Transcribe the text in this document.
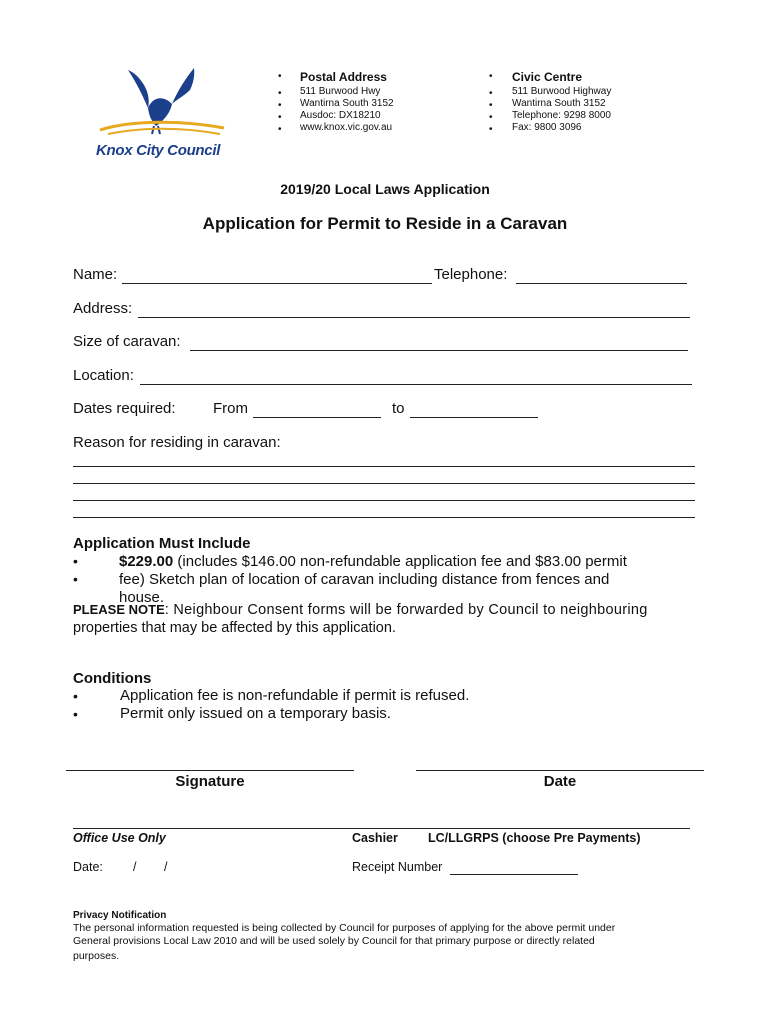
Knox City Council
•
•
•
•
•
Postal Address
511 Burwood Hwy
Wantirna South 3152
Ausdoc: DX18210
www.knox.vic.gov.au
•
•
•
•
•
Civic Centre
511 Burwood Highway
Wantirna South 3152
Telephone: 9298 8000
Fax: 9800 3096
2019/20 Local Laws Application
Application for Permit to Reside in a Caravan
Name:	Telephone:
Address:
Size of caravan:
Location:
Dates required: From	to
Reason for residing in caravan:
Application Must Include
•
•
$229.00 (includes $146.00 non-refundable application fee and $83.00 permit
fee) Sketch plan of location of caravan including distance from fences and
house.
PLEASE NOTE: Neighbour Consent forms will be forwarded by Council to neighbouring
properties that may be affected by this application.
Conditions
•
•
Application fee is non-refundable if permit is refused.
Permit only issued on a temporary basis.
Signature	Date
Office Use Only	Cashier LC/LLGRPS (choose Pre Payments)
Date: / /	Receipt Number
Privacy Notification
The personal information requested is being collected by Council for purposes of applying for the above permit under
General provisions Local Law 2010 and will be used solely by Council for that primary purpose or directly related
purposes.
